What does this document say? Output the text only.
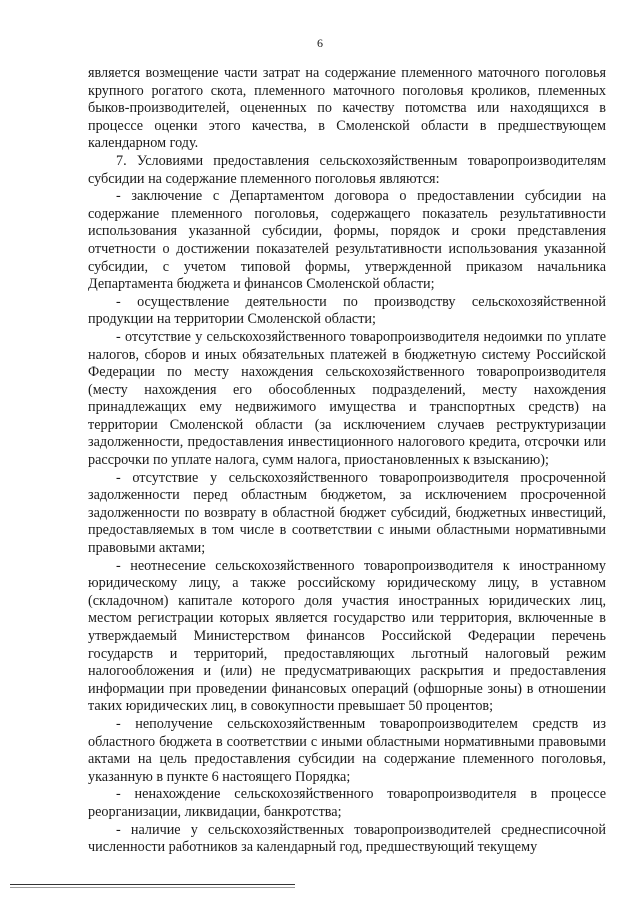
6

является возмещение части затрат на содержание племенного маточного поголовья крупного рогатого скота, племенного маточного поголовья кроликов, племенных быков-производителей, оцененных по качеству потомства или находящихся в процессе оценки этого качества, в Смоленской области в предшествующем календарном году.

7. Условиями предоставления сельскохозяйственным товаропроизводителям субсидии на содержание племенного поголовья являются:

- заключение с Департаментом договора о предоставлении субсидии на содержание племенного поголовья, содержащего показатель результативности использования указанной субсидии, формы, порядок и сроки представления отчетности о достижении показателей результативности использования указанной субсидии, с учетом типовой формы, утвержденной приказом начальника Департамента бюджета и финансов Смоленской области;

- осуществление деятельности по производству сельскохозяйственной продукции на территории Смоленской области;

- отсутствие у сельскохозяйственного товаропроизводителя недоимки по уплате налогов, сборов и иных обязательных платежей в бюджетную систему Российской Федерации по месту нахождения сельскохозяйственного товаропроизводителя (месту нахождения его обособленных подразделений, месту нахождения принадлежащих ему недвижимого имущества и транспортных средств) на территории Смоленской области (за исключением случаев реструктуризации задолженности, предоставления инвестиционного налогового кредита, отсрочки или рассрочки по уплате налога, сумм налога, приостановленных к взысканию);

- отсутствие у сельскохозяйственного товаропроизводителя просроченной задолженности перед областным бюджетом, за исключением просроченной задолженности по возврату в областной бюджет субсидий, бюджетных инвестиций, предоставляемых в том числе в соответствии с иными областными нормативными правовыми актами;

- неотнесение сельскохозяйственного товаропроизводителя к иностранному юридическому лицу, а также российскому юридическому лицу, в уставном (складочном) капитале которого доля участия иностранных юридических лиц, местом регистрации которых является государство или территория, включенные в утверждаемый Министерством финансов Российской Федерации перечень государств и территорий, предоставляющих льготный налоговый режим налогообложения и (или) не предусматривающих раскрытия и предоставления информации при проведении финансовых операций (офшорные зоны) в отношении таких юридических лиц, в совокупности превышает 50 процентов;

- неполучение сельскохозяйственным товаропроизводителем средств из областного бюджета в соответствии с иными областными нормативными правовыми актами на цель предоставления субсидии на содержание племенного поголовья, указанную в пункте 6 настоящего Порядка;

- ненахождение сельскохозяйственного товаропроизводителя в процессе реорганизации, ликвидации, банкротства;

- наличие у сельскохозяйственных товаропроизводителей среднесписочной численности работников за календарный год, предшествующий текущему
